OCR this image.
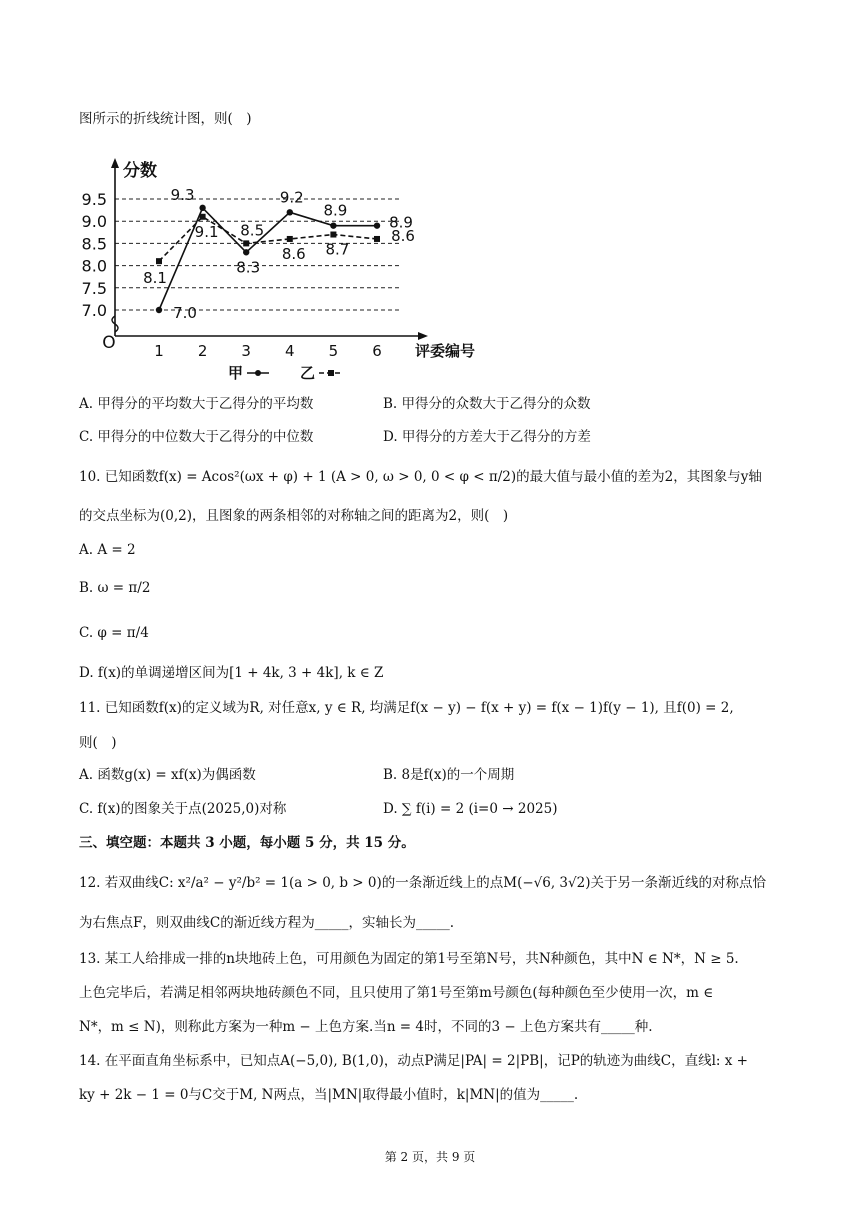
图所示的折线统计图，则(　)
7.0
7.5
8.0
8.5
9.0
9.5
1 2 3 4 5 6
O
分数
评委编号
7.0
9.3
8.3
9.2
8.9
8.9
8.1
9.1 8.5
8.6 8.7
8.6
甲	乙
A. 甲得分的平均数大于乙得分的平均数	B. 甲得分的众数大于乙得分的众数
C. 甲得分的中位数大于乙得分的中位数	D. 甲得分的方差大于乙得分的方差
10. 已知函数f(x) = Acos²(ωx + φ) + 1 (A > 0, ω > 0, 0 < φ < π/2)的最大值与最小值的差为2，其图象与y轴
的交点坐标为(0,2)，且图象的两条相邻的对称轴之间的距离为2，则(　)
A. A = 2
B. ω = π/2
C. φ = π/4
D. f(x)的单调递增区间为[1 + 4k, 3 + 4k], k ∈ Z
11. 已知函数f(x)的定义域为R, 对任意x, y ∈ R, 均满足f(x − y) − f(x + y) = f(x − 1)f(y − 1), 且f(0) = 2,
则(　)
A. 函数g(x) = xf(x)为偶函数	B. 8是f(x)的一个周期
C. f(x)的图象关于点(2025,0)对称	D. ∑ f(i) = 2 (i=0 → 2025)
三、填空题：本题共 3 小题，每小题 5 分，共 15 分。
12. 若双曲线C: x²/a² − y²/b² = 1(a > 0, b > 0)的一条渐近线上的点M(−√6, 3√2)关于另一条渐近线的对称点恰
为右焦点F，则双曲线C的渐近线方程为_____，实轴长为_____.
13. 某工人给排成一排的n块地砖上色，可用颜色为固定的第1号至第N号，共N种颜色，其中N ∈ N*，N ≥ 5.
上色完毕后，若满足相邻两块地砖颜色不同，且只使用了第1号至第m号颜色(每种颜色至少使用一次，m ∈
N*，m ≤ N)，则称此方案为一种m − 上色方案.当n = 4时，不同的3 − 上色方案共有_____种.
14. 在平面直角坐标系中，已知点A(−5,0), B(1,0)，动点P满足|PA| = 2|PB|，记P的轨迹为曲线C，直线l: x +
ky + 2k − 1 = 0与C交于M, N两点，当|MN|取得最小值时，k|MN|的值为_____.
第 2 页，共 9 页
